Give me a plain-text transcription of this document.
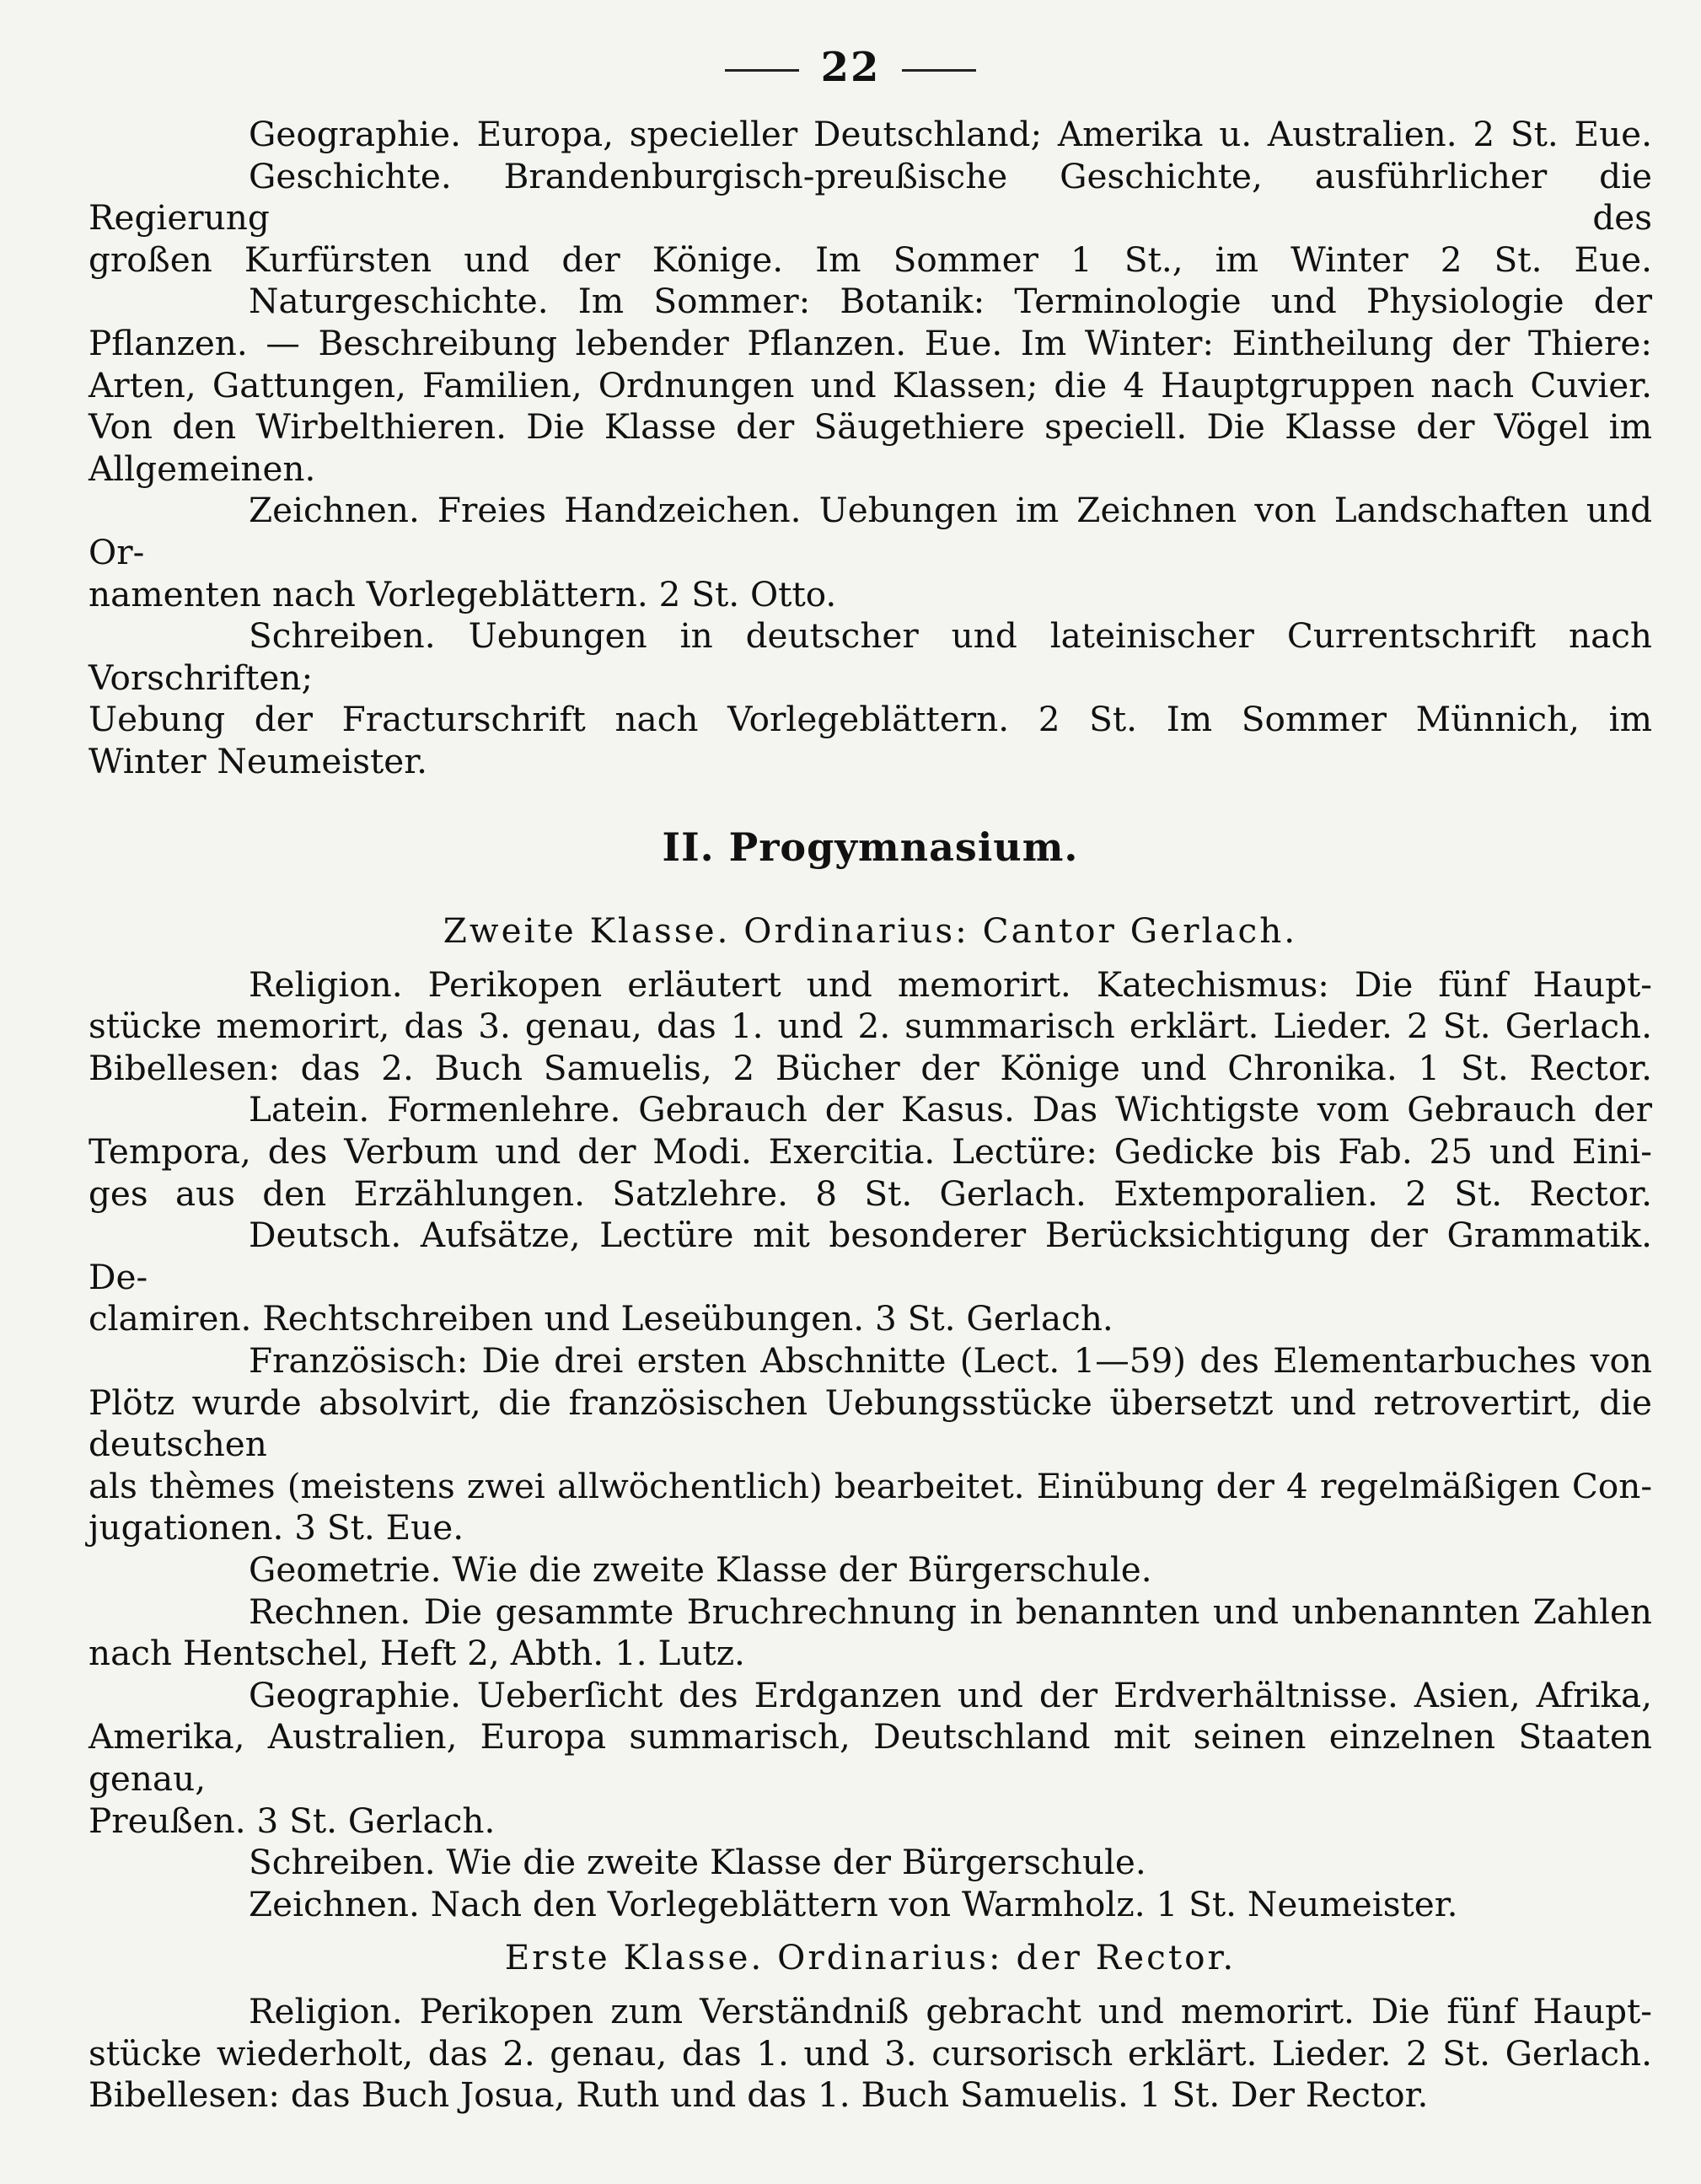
22

Geographie. Europa, specieller Deutschland; Amerika u. Australien. 2 St. Eue.

Geschichte. Brandenburgisch-preußische Geschichte, ausführlicher die Regierung des

großen Kurfürsten und der Könige. Im Sommer 1 St., im Winter 2 St. Eue.

Naturgeschichte. Im Sommer: Botanik: Terminologie und Physiologie der

Pflanzen. — Beschreibung lebender Pflanzen. Eue. Im Winter: Eintheilung der Thiere:

Arten, Gattungen, Familien, Ordnungen und Klassen; die 4 Hauptgruppen nach Cuvier.

Von den Wirbelthieren. Die Klasse der Säugethiere speciell. Die Klasse der Vögel im

Allgemeinen.

Zeichnen. Freies Handzeichen. Uebungen im Zeichnen von Landschaften und Or-

namenten nach Vorlegeblättern. 2 St. Otto.

Schreiben. Uebungen in deutscher und lateinischer Currentschrift nach Vorschriften;

Uebung der Fracturschrift nach Vorlegeblättern. 2 St. Im Sommer Münnich, im

Winter Neumeister.

II. Progymnasium.
Zweite Klasse. Ordinarius: Cantor Gerlach.

Religion. Perikopen erläutert und memorirt. Katechismus: Die fünf Haupt-

stücke memorirt, das 3. genau, das 1. und 2. summarisch erklärt. Lieder. 2 St. Gerlach.

Bibellesen: das 2. Buch Samuelis, 2 Bücher der Könige und Chronika. 1 St. Rector.

Latein. Formenlehre. Gebrauch der Kasus. Das Wichtigste vom Gebrauch der

Tempora, des Verbum und der Modi. Exercitia. Lectüre: Gedicke bis Fab. 25 und Eini-

ges aus den Erzählungen. Satzlehre. 8 St. Gerlach. Extemporalien. 2 St. Rector.

Deutsch. Aufsätze, Lectüre mit besonderer Berücksichtigung der Grammatik. De-

clamiren. Rechtschreiben und Leseübungen. 3 St. Gerlach.

Französisch: Die drei ersten Abschnitte (Lect. 1—59) des Elementarbuches von

Plötz wurde absolvirt, die französischen Uebungsstücke übersetzt und retrovertirt, die deutschen

als thèmes (meistens zwei allwöchentlich) bearbeitet. Einübung der 4 regelmäßigen Con-

jugationen. 3 St. Eue.

Geometrie. Wie die zweite Klasse der Bürgerschule.

Rechnen. Die gesammte Bruchrechnung in benannten und unbenannten Zahlen

nach Hentschel, Heft 2, Abth. 1. Lutz.

Geographie. Ueberſicht des Erdganzen und der Erdverhältnisse. Asien, Afrika,

Amerika, Australien, Europa summarisch, Deutschland mit seinen einzelnen Staaten genau,

Preußen. 3 St. Gerlach.

Schreiben. Wie die zweite Klasse der Bürgerschule.

Zeichnen. Nach den Vorlegeblättern von Warmholz. 1 St. Neumeister.

Erste Klasse. Ordinarius: der Rector.

Religion. Perikopen zum Verständniß gebracht und memorirt. Die fünf Haupt-

stücke wiederholt, das 2. genau, das 1. und 3. cursorisch erklärt. Lieder. 2 St. Gerlach.

Bibellesen: das Buch Josua, Ruth und das 1. Buch Samuelis. 1 St. Der Rector.
